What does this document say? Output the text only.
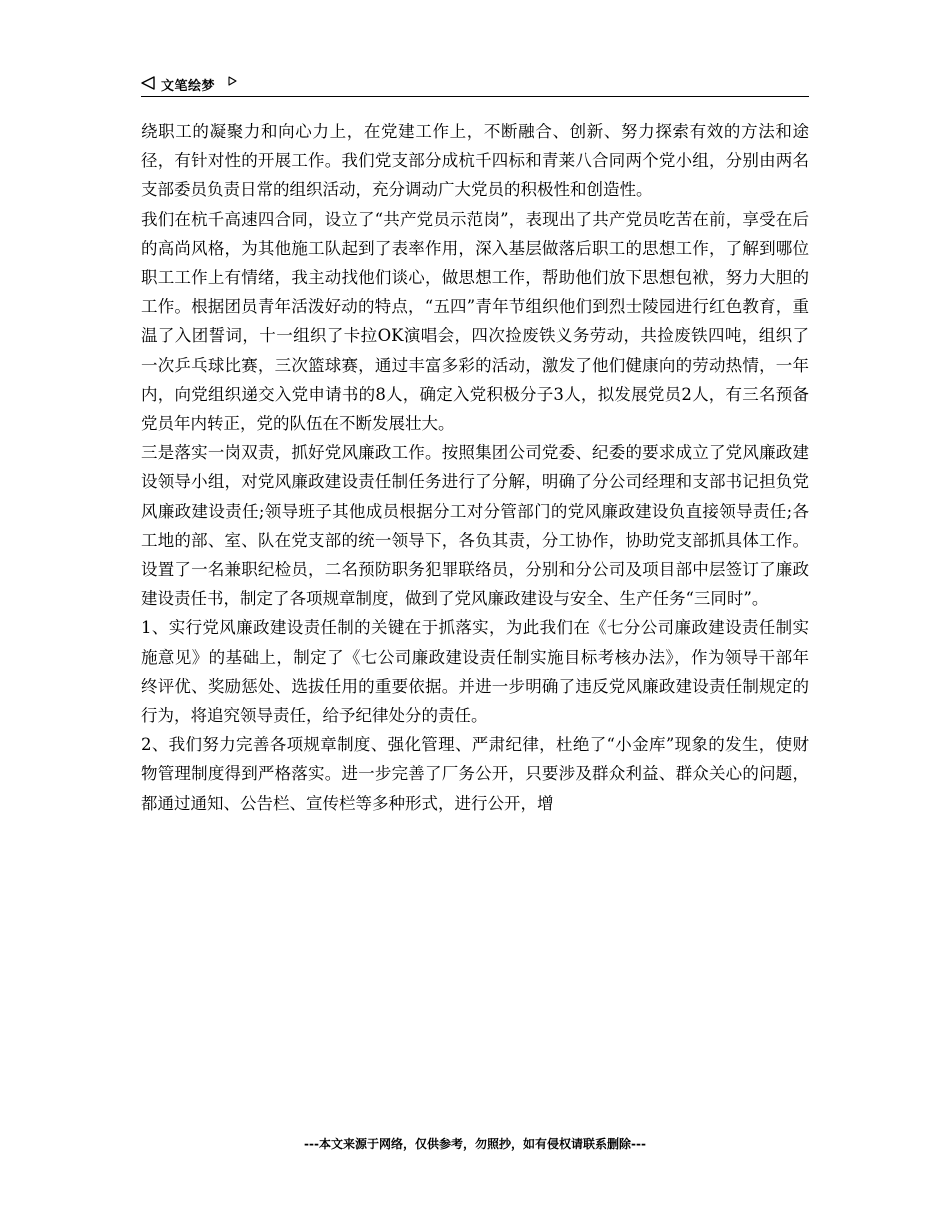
文笔绘梦

绕职工的凝聚力和向心力上，在党建工作上，不断融合、创新、努力探索有效的方法和途径，有针对性的开展工作。我们党支部分成杭千四标和青莱八合同两个党小组，分别由两名支部委员负责日常的组织活动，充分调动广大党员的积极性和创造性。

我们在杭千高速四合同，设立了“共产党员示范岗”，表现出了共产党员吃苦在前，享受在后的高尚风格，为其他施工队起到了表率作用，深入基层做落后职工的思想工作，了解到哪位职工工作上有情绪，我主动找他们谈心，做思想工作，帮助他们放下思想包袱，努力大胆的工作。根据团员青年活泼好动的特点，“五四”青年节组织他们到烈士陵园进行红色教育，重温了入团誓词，十一组织了卡拉OK演唱会，四次捡废铁义务劳动，共捡废铁四吨，组织了一次乒乓球比赛，三次篮球赛，通过丰富多彩的活动，激发了他们健康向的劳动热情，一年内，向党组织递交入党申请书的8人，确定入党积极分子3人，拟发展党员2人，有三名预备党员年内转正，党的队伍在不断发展壮大。

三是落实一岗双责，抓好党风廉政工作。按照集团公司党委、纪委的要求成立了党风廉政建设领导小组，对党风廉政建设责任制任务进行了分解，明确了分公司经理和支部书记担负党风廉政建设责任;领导班子其他成员根据分工对分管部门的党风廉政建设负直接领导责任;各工地的部、室、队在党支部的统一领导下，各负其责，分工协作，协助党支部抓具体工作。设置了一名兼职纪检员，二名预防职务犯罪联络员，分别和分公司及项目部中层签订了廉政建设责任书，制定了各项规章制度，做到了党风廉政建设与安全、生产任务“三同时”。

1、实行党风廉政建设责任制的关键在于抓落实，为此我们在《七分公司廉政建设责任制实施意见》的基础上，制定了《七公司廉政建设责任制实施目标考核办法》，作为领导干部年终评优、奖励惩处、选拔任用的重要依据。并进一步明确了违反党风廉政建设责任制规定的行为，将追究领导责任，给予纪律处分的责任。

2、我们努力完善各项规章制度、强化管理、严肃纪律，杜绝了“小金库”现象的发生，使财物管理制度得到严格落实。进一步完善了厂务公开，只要涉及群众利益、群众关心的问题，都通过通知、公告栏、宣传栏等多种形式，进行公开，增

---本文来源于网络，仅供参考，勿照抄，如有侵权请联系删除---
